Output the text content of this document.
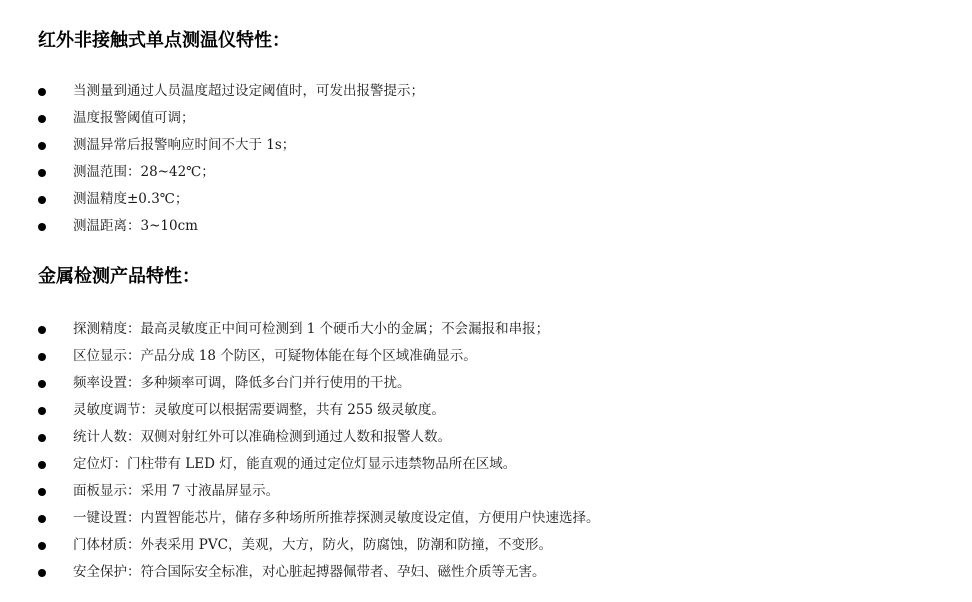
红外非接触式单点测温仪特性：
当测量到通过人员温度超过设定阈值时，可发出报警提示；
温度报警阈值可调；
测温异常后报警响应时间不大于 1s；
测温范围：28~42℃；
测温精度±0.3℃；
测温距离：3~10cm
金属检测产品特性：
探测精度：最高灵敏度正中间可检测到 1 个硬币大小的金属；不会漏报和串报；
区位显示：产品分成 18 个防区，可疑物体能在每个区域准确显示。
频率设置：多种频率可调，降低多台门并行使用的干扰。
灵敏度调节：灵敏度可以根据需要调整，共有 255 级灵敏度。
统计人数：双侧对射红外可以准确检测到通过人数和报警人数。
定位灯：门柱带有 LED 灯，能直观的通过定位灯显示违禁物品所在区域。
面板显示：采用 7 寸液晶屏显示。
一键设置：内置智能芯片，储存多种场所所推荐探测灵敏度设定值，方便用户快速选择。
门体材质：外表采用 PVC，美观，大方，防火，防腐蚀，防潮和防撞，不变形。
安全保护：符合国际安全标准，对心脏起搏器佩带者、孕妇、磁性介质等无害。
